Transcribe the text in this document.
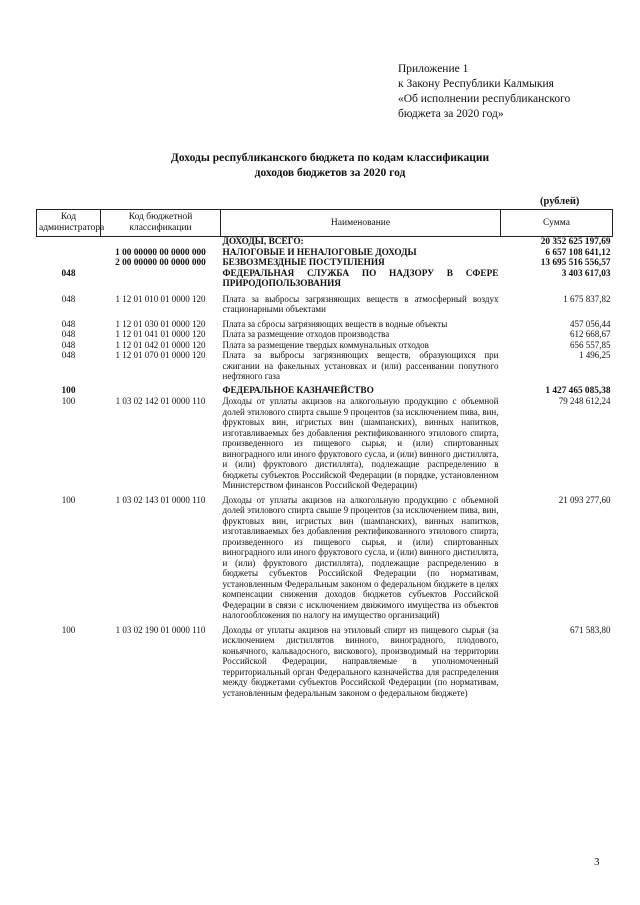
Приложение 1
к Закону Республики Калмыкия
«Об исполнении республиканского
бюджета за 2020 год»
Доходы республиканского бюджета по кодам классификации
доходов бюджетов за 2020 год
(рублей)
Код администратора	Код бюджетной классификации	Наименование	Сумма
		ДОХОДЫ, ВСЕГО:	20 352 625 197,69
	1 00 00000 00 0000 000	НАЛОГОВЫЕ И НЕНАЛОГОВЫЕ ДОХОДЫ	6 657 108 641,12
	2 00 00000 00 0000 000	БЕЗВОЗМЕЗДНЫЕ ПОСТУПЛЕНИЯ	13 695 516 556,57
048		ФЕДЕРАЛЬНАЯ СЛУЖБА ПО НАДЗОРУ В СФЕРЕ ПРИРОДОПОЛЬЗОВАНИЯ	3 403 617,03
048	1 12 01 010 01 0000 120	Плата за выбросы загрязняющих веществ в атмосферный воздух стационарными объектами	1 675 837,82
048	1 12 01 030 01 0000 120	Плата за сбросы загрязняющих веществ в водные объекты	457 056,44
048	1 12 01 041 01 0000 120	Плата за размещение отходов производства	612 668,67
048	1 12 01 042 01 0000 120	Плата за размещение твердых коммунальных отходов	656 557,85
048	1 12 01 070 01 0000 120	Плата за выбросы загрязняющих веществ, образующихся при сжигании на факельных установках и (или) рассеивании попутного нефтяного газа	1 496,25
100		ФЕДЕРАЛЬНОЕ КАЗНАЧЕЙСТВО	1 427 465 085,38
100	1 03 02 142 01 0000 110	Доходы от уплаты акцизов на алкогольную продукцию с объемной долей этилового спирта свыше 9 процентов (за исключением пива, вин, фруктовых вин, игристых вин (шампанских), винных напитков, изготавливаемых без добавления ректификованного этилового спирта, произведенного из пищевого сырья, и (или) спиртованных виноградного или иного фруктового сусла, и (или) винного дистиллята, и (или) фруктового дистиллята), подлежащие распределению в бюджеты субъектов Российской Федерации (в порядке, установленном Министерством финансов Российской Федерации)	79 248 612,24
100	1 03 02 143 01 0000 110	Доходы от уплаты акцизов на алкогольную продукцию с объемной долей этилового спирта свыше 9 процентов (за исключением пива, вин, фруктовых вин, игристых вин (шампанских), винных напитков, изготавливаемых без добавления ректификованного этилового спирта, произведенного из пищевого сырья, и (или) спиртованных виноградного или иного фруктового сусла, и (или) винного дистиллята, и (или) фруктового дистиллята), подлежащие распределению в бюджеты субъектов Российской Федерации (по нормативам, установленным Федеральным законом о федеральном бюджете в целях компенсации снижения доходов бюджетов субъектов Российской Федерации в связи с исключением движимого имущества из объектов налогообложения по налогу на имущество организаций)	21 093 277,60
100	1 03 02 190 01 0000 110	Доходы от уплаты акцизов на этиловый спирт из пищевого сырья (за исключением дистиллятов винного, виноградного, плодового, коньячного, кальвадосного, вискового), производимый на территории Российской Федерации, направляемые в уполномоченный территориальный орган Федерального казначейства для распределения между бюджетами субъектов Российской Федерации (по нормативам, установленным федеральным законом о федеральном бюджете)	671 583,80
3
